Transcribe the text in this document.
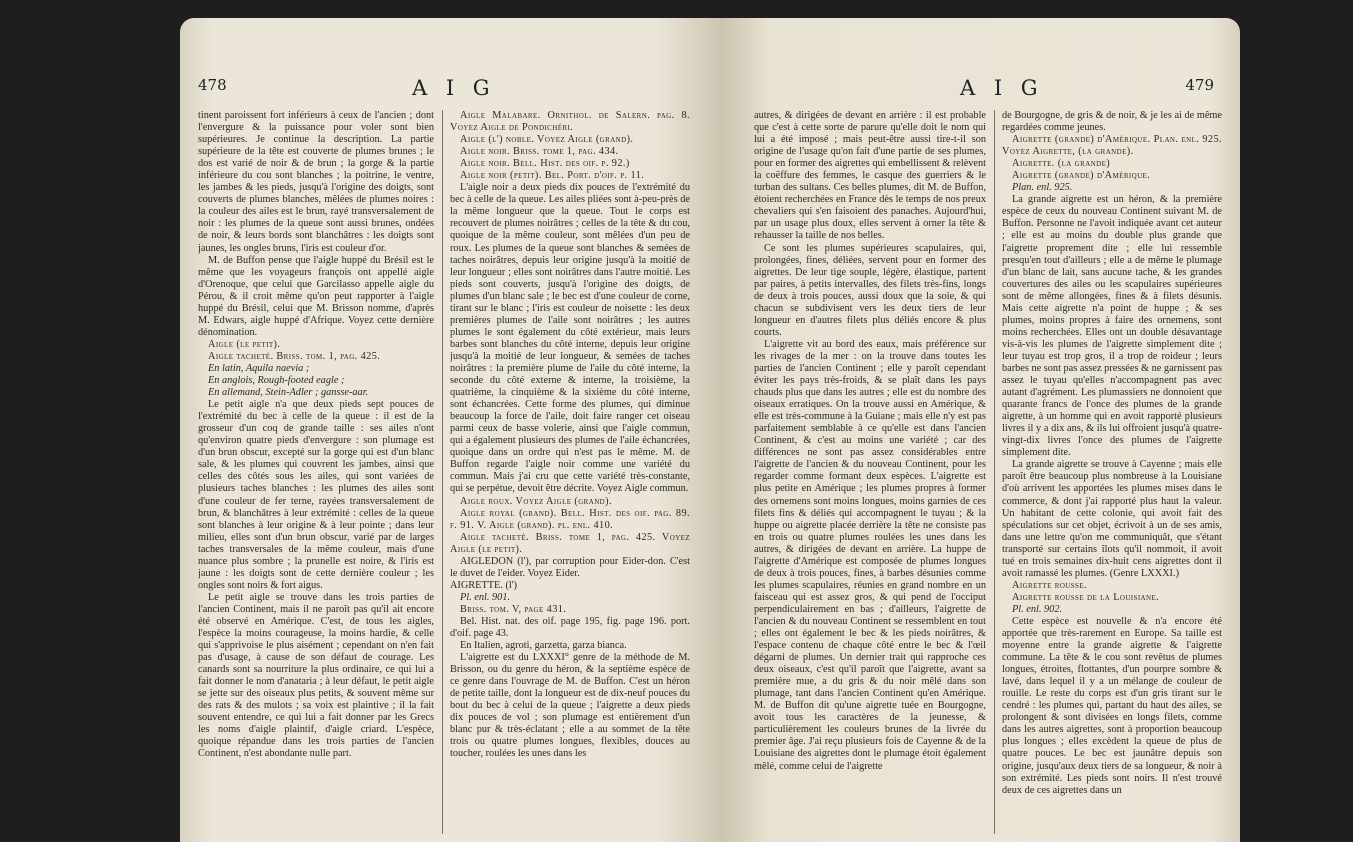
478	A I G

tinent paroissent fort inférieurs à ceux de l'ancien ; dont l'envergure & la puissance pour voler sont bien supérieures. Je continue la description. La partie supérieure de la tête est couverte de plumes brunes ; le dos est varié de noir & de brun ; la gorge & la partie inférieure du cou sont blanches ; la poitrine, le ventre, les jambes & les pieds, jusqu'à l'origine des doigts, sont couverts de plumes blanches, mêlées de plumes noires : la couleur des ailes est le brun, rayé transversalement de noir : les plumes de la queue sont aussi brunes, ondées de noir, & leurs bords sont blanchâtres : les doigts sont jaunes, les ongles bruns, l'iris est couleur d'or.

M. de Buffon pense que l'aigle huppé du Brésil est le même que les voyageurs françois ont appellé aigle d'Orenoque, que celui que Garcilasso appelle aigle du Pérou, & il croit même qu'on peut rapporter à l'aigle huppé du Brésil, celui que M. Brisson nomme, d'après M. Edwars, aigle huppé d'Afrique. Voyez cette dernière dénomination.

Aigle (le petit).

Aigle tacheté. Briss. tom. 1, pag. 425.

En latin, Aquila naevia ;

En anglois, Rough-footed eagle ;

En allemand, Stein-Adler ; gansse-aar.

Le petit aigle n'a que deux pieds sept pouces de l'extrémité du bec à celle de la queue : il est de la grosseur d'un coq de grande taille : ses ailes n'ont qu'environ quatre pieds d'envergure : son plumage est d'un brun obscur, excepté sur la gorge qui est d'un blanc sale, & les plumes qui couvrent les jambes, ainsi que celles des côtés sous les ailes, qui sont variées de plusieurs taches blanches : les plumes des ailes sont d'une couleur de fer terne, rayées transversalement de brun, & blanchâtres à leur extrémité : celles de la queue sont blanches à leur origine & à leur pointe ; dans leur milieu, elles sont d'un brun obscur, varié par de larges taches transversales de la même couleur, mais d'une nuance plus sombre ; la prunelle est noire, & l'iris est jaune : les doigts sont de cette dernière couleur ; les ongles sont noirs & fort aigus.

Le petit aigle se trouve dans les trois parties de l'ancien Continent, mais il ne paroît pas qu'il ait encore été observé en Amérique. C'est, de tous les aigles, l'espèce la moins courageuse, la moins hardie, & celle qui s'apprivoise le plus aisément ; cependant on n'en fait pas d'usage, à cause de son défaut de courage. Les canards sont sa nourriture la plus ordinaire, ce qui lui a fait donner le nom d'anataria ; à leur défaut, le petit aigle se jette sur des oiseaux plus petits, & souvent même sur des rats & des mulots ; sa voix est plaintive ; il la fait souvent entendre, ce qui lui a fait donner par les Grecs les noms d'aigle plaintif, d'aigle criard. L'espèce, quoique répandue dans les trois parties de l'ancien Continent, n'est abondante nulle part.

Aigle Malabare. Ornithol. de Salern. pag. 8. Voyez Aigle de Pondichéri.

Aigle (l') noble. Voyez Aigle (grand).

Aigle noir. Briss. tome 1, pag. 434.

Aigle noir. Bell. Hist. des oif. p. 92.)

Aigle noir (petit). Bel. Port. d'oif. p. 11.

L'aigle noir a deux pieds dix pouces de l'extrémité du bec à celle de la queue. Les ailes pliées sont à-peu-près de la même longueur que la queue. Tout le corps est recouvert de plumes noirâtres ; celles de la tête & du cou, quoique de la même couleur, sont mêlées d'un peu de roux. Les plumes de la queue sont blanches & semées de taches noirâtres, depuis leur origine jusqu'à la moitié de leur longueur ; elles sont noirâtres dans l'autre moitié. Les pieds sont couverts, jusqu'à l'origine des doigts, de plumes d'un blanc sale ; le bec est d'une couleur de corne, tirant sur le blanc ; l'iris est couleur de noisette : les deux premières plumes de l'aile sont noirâtres ; les autres plumes le sont également du côté extérieur, mais leurs barbes sont blanches du côté interne, depuis leur origine jusqu'à la moitié de leur longueur, & semées de taches noirâtres : la première plume de l'aile du côté interne, la seconde du côté externe & interne, la troisième, la quatrième, la cinquième & la sixième du côté interne, sont échancrées. Cette forme des plumes, qui diminue beaucoup la force de l'aile, doit faire ranger cet oiseau parmi ceux de basse volerie, ainsi que l'aigle commun, qui a également plusieurs des plumes de l'aile échancrées, quoique dans un ordre qui n'est pas le même. M. de Buffon regarde l'aigle noir comme une variété du commun. Mais j'ai cru que cette variété très-constante, qui se perpétue, devoit être décrite. Voyez Aigle commun.

Aigle roux. Voyez Aigle (grand).

Aigle royal (grand). Bell. Hist. des oif. pag. 89. f. 91. V. Aigle (grand). pl. enl. 410.

Aigle tacheté. Briss. tome 1, pag. 425. Voyez Aigle (le petit).

AIGLEDON (l'), par corruption pour Eider-don. C'est le duvet de l'eider. Voyez Eider.

AIGRETTE. (l')

Pl. enl. 901.

Briss. tom. V, page 431.

Bel. Hist. nat. des oif. page 195, fig. page 196. port. d'oif. page 43.

En Italien, agroti, garzetta, garza bianca.

L'aigrette est du LXXXI° genre de la méthode de M. Brisson, ou du genre du héron, & la septième espèce de ce genre dans l'ouvrage de M. de Buffon. C'est un héron de petite taille, dont la longueur est de dix-neuf pouces du bout du bec à celui de la queue ; l'aigrette a deux pieds dix pouces de vol ; son plumage est entièrement d'un blanc pur & très-éclatant ; elle a au sommet de la tête trois ou quatre plumes longues, flexibles, douces au toucher, roulées les unes dans les

A I G	479

autres, & dirigées de devant en arrière : il est probable que c'est à cette sorte de parure qu'elle doit le nom qui lui a été imposé ; mais peut-être aussi tire-t-il son origine de l'usage qu'on fait d'une partie de ses plumes, pour en former des aigrettes qui embellissent & relèvent la coëffure des femmes, le casque des guerriers & le turban des sultans. Ces belles plumes, dit M. de Buffon, étoient recherchées en France dès le temps de nos preux chevaliers qui s'en faisoient des panaches. Aujourd'hui, par un usage plus doux, elles servent à orner la tête & rehausser la taille de nos belles.

Ce sont les plumes supérieures scapulaires, qui, prolongées, fines, déliées, servent pour en former des aigrettes. De leur tige souple, légère, élastique, partent par paires, à petits intervalles, des filets très-fins, longs de deux à trois pouces, aussi doux que la soie, & qui chacun se subdivisent vers les deux tiers de leur longueur en d'autres filets plus déliés encore & plus courts.

L'aigrette vit au bord des eaux, mais préférence sur les rivages de la mer : on la trouve dans toutes les parties de l'ancien Continent ; elle y paroît cependant éviter les pays très-froids, & se plaît dans les pays chauds plus que dans les autres ; elle est du nombre des oiseaux erratiques. On la trouve aussi en Amérique, & elle est très-commune à la Guiane ; mais elle n'y est pas parfaitement semblable à ce qu'elle est dans l'ancien Continent, & c'est au moins une variété ; car des différences ne sont pas assez considérables entre l'aigrette de l'ancien & du nouveau Continent, pour les regarder comme formant deux espèces. L'aigrette est plus petite en Amérique ; les plumes propres à former des ornemens sont moins longues, moins garnies de ces filets fins & déliés qui accompagnent le tuyau ; & la huppe ou aigrette placée derrière la tête ne consiste pas en trois ou quatre plumes roulées les unes dans les autres, & dirigées de devant en arrière. La huppe de l'aigrette d'Amérique est composée de plumes longues de deux à trois pouces, fines, à barbes désunies comme les plumes scapulaires, réunies en grand nombre en un faisceau qui est assez gros, & qui pend de l'occiput perpendiculairement en bas ; d'ailleurs, l'aigrette de l'ancien & du nouveau Continent se ressemblent en tout ; elles ont également le bec & les pieds noirâtres, & l'espace contenu de chaque côté entre le bec & l'œil dégarni de plumes. Un dernier trait qui rapproche ces deux oiseaux, c'est qu'il paroît que l'aigrette, avant sa première mue, a du gris & du noir mêlé dans son plumage, tant dans l'ancien Continent qu'en Amérique. M. de Buffon dit qu'une aigrette tuée en Bourgogne, avoit tous les caractères de la jeunesse, & particulièrement les couleurs brunes de la livrée du premier âge. J'ai reçu plusieurs fois de Cayenne & de la Louisiane des aigrettes dont le plumage étoit également mêlé, comme celui de l'aigrette

de Bourgogne, de gris & de noir, & je les ai de même regardées comme jeunes.

Aigrette (grande) d'Amérique. Plan. enl. 925. Voyez Aigrette, (la grande).

Aigrette. (la grande)

Aigrette (grande) d'Amérique.

Plan. enl. 925.

La grande aigrette est un héron, & la première espèce de ceux du nouveau Continent suivant M. de Buffon. Personne ne l'avoit indiquée avant cet auteur ; elle est au moins du double plus grande que l'aigrette proprement dite ; elle lui ressemble presqu'en tout d'ailleurs ; elle a de même le plumage d'un blanc de lait, sans aucune tache, & les grandes couvertures des ailes ou les scapulaires supérieures sont de même allongées, fines & à filets désunis. Mais cette aigrette n'a point de huppe ; & ses plumes, moins propres à faire des ornemens, sont moins recherchées. Elles ont un double désavantage vis-à-vis les plumes de l'aigrette simplement dite ; leur tuyau est trop gros, il a trop de roideur ; leurs barbes ne sont pas assez pressées & ne garnissent pas assez le tuyau qu'elles n'accompagnent pas avec autant d'agrément. Les plumassiers ne donnoient que quarante francs de l'once des plumes de la grande aigrette, à un homme qui en avoit rapporté plusieurs livres il y a dix ans, & ils lui offroient jusqu'à quatre-vingt-dix livres l'once des plumes de l'aigrette simplement dite.

La grande aigrette se trouve à Cayenne ; mais elle paroît être beaucoup plus nombreuse à la Louisiane d'où arrivent les apportées les plumes mises dans le commerce, & dont j'ai rapporté plus haut la valeur. Un habitant de cette colonie, qui avoit fait des spéculations sur cet objet, écrivoit à un de ses amis, dans une lettre qu'on me communiquât, que s'étant transporté sur certains îlots qu'il nommoit, il avoit tué en trois semaines dix-huit cens aigrettes dont il avoit ramassé les plumes. (Genre LXXXI.)

Aigrette rousse.

Aigrette rousse de la Louisiane.

Pl. enl. 902.

Cette espèce est nouvelle & n'a encore été apportée que très-rarement en Europe. Sa taille est moyenne entre la grande aigrette & l'aigrette commune. La tête & le cou sont revêtus de plumes longues, étroites, flottantes, d'un pourpre sombre & lavé, dans lequel il y a un mélange de couleur de rouille. Le reste du corps est d'un gris tirant sur le cendré : les plumes qui, partant du haut des ailes, se prolongent & sont divisées en longs filets, comme dans les autres aigrettes, sont à proportion beaucoup plus longues ; elles excèdent la queue de plus de quatre pouces. Le bec est jaunâtre depuis son origine, jusqu'aux deux tiers de sa longueur, & noir à son extrémité. Les pieds sont noirs. Il n'est trouvé deux de ces aigrettes dans un
